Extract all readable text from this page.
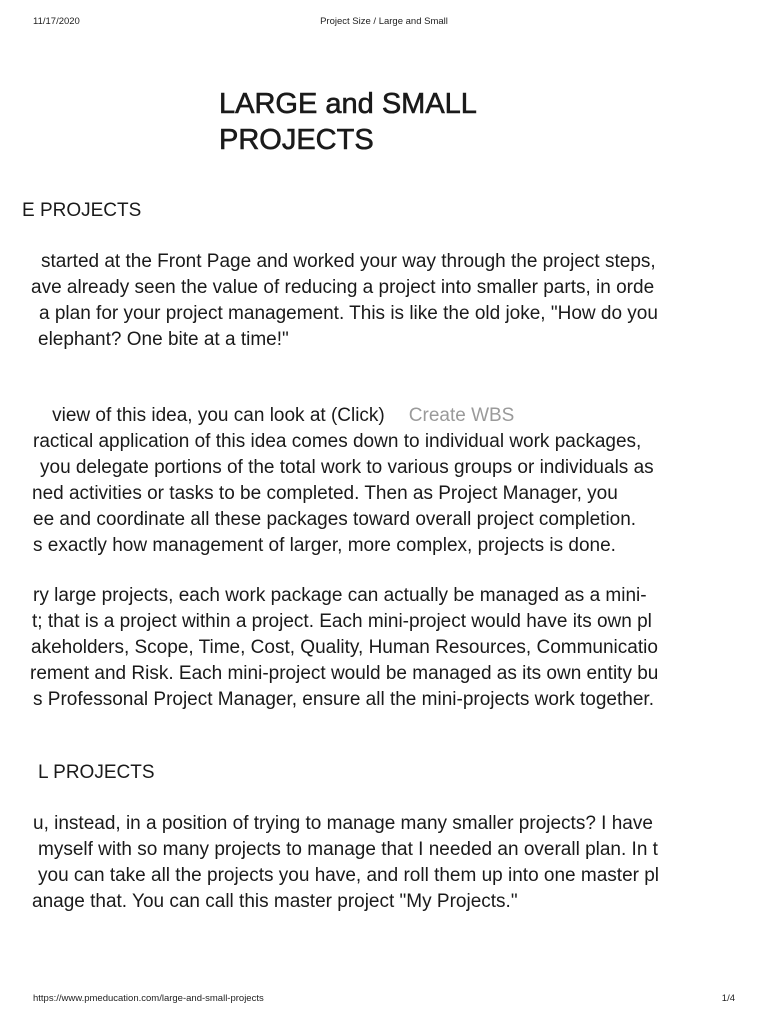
11/17/2020	Project Size / Large and Small
LARGE and SMALL
PROJECTS
E PROJECTS
started at the Front Page and worked your way through the project steps,
ave already seen the value of reducing a project into smaller parts, in orde
a plan for your project management. This is like the old joke, "How do you
elephant? One bite at a time!"

view of this idea, you can look at (Click) Create WBS

ractical application of this idea comes down to individual work packages,
you delegate portions of the total work to various groups or individuals as
ned activities or tasks to be completed. Then as Project Manager, you
ee and coordinate all these packages toward overall project completion.
s exactly how management of larger, more complex, projects is done.
ry large projects, each work package can actually be managed as a mini-
t; that is a project within a project. Each mini-project would have its own pl
akeholders, Scope, Time, Cost, Quality, Human Resources, Communicatio
rement and Risk. Each mini-project would be managed as its own entity bu
s Professonal Project Manager, ensure all the mini-projects work together.
L PROJECTS
u, instead, in a position of trying to manage many smaller projects? I have
myself with so many projects to manage that I needed an overall plan. In t
you can take all the projects you have, and roll them up into one master pl
anage that. You can call this master project "My Projects."
https://www.pmeducation.com/large-and-small-projects	1/4
